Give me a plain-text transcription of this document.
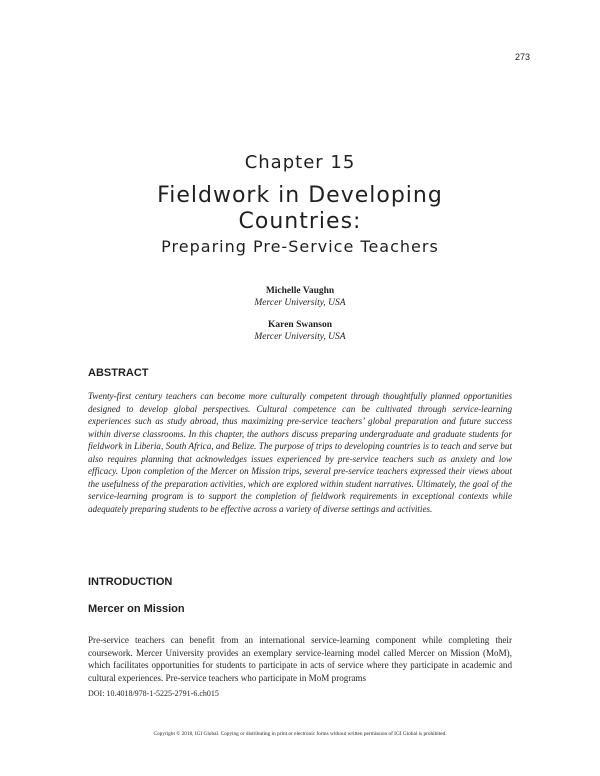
273
Chapter 15
Fieldwork in Developing
Countries:
Preparing Pre-Service Teachers
Michelle Vaughn
Mercer University, USA
Karen Swanson
Mercer University, USA
ABSTRACT

Twenty-first century teachers can become more culturally competent through thoughtfully planned opportunities designed to develop global perspectives. Cultural competence can be cultivated through service-learning experiences such as study abroad, thus maximizing pre-service teachers’ global preparation and future success within diverse classrooms. In this chapter, the authors discuss preparing undergraduate and graduate students for fieldwork in Liberia, South Africa, and Belize. The purpose of trips to developing countries is to teach and serve but also requires planning that acknowledges issues experienced by pre-service teachers such as anxiety and low efficacy. Upon completion of the Mercer on Mission trips, several pre-service teachers expressed their views about the usefulness of the preparation activities, which are explored within student narratives. Ultimately, the goal of the service-learning program is to support the completion of fieldwork requirements in exceptional contexts while adequately preparing students to be effective across a variety of diverse settings and activities.

INTRODUCTION
Mercer on Mission

Pre-service teachers can benefit from an international service-learning component while completing their coursework. Mercer University provides an exemplary service-learning model called Mercer on Mission (MoM), which facilitates opportunities for students to participate in acts of service where they participate in academic and cultural experiences. Pre-service teachers who participate in MoM programs

DOI: 10.4018/978-1-5225-2791-6.ch015
Copyright © 2018, IGI Global. Copying or distributing in print or electronic forms without written permission of IGI Global is prohibited.
